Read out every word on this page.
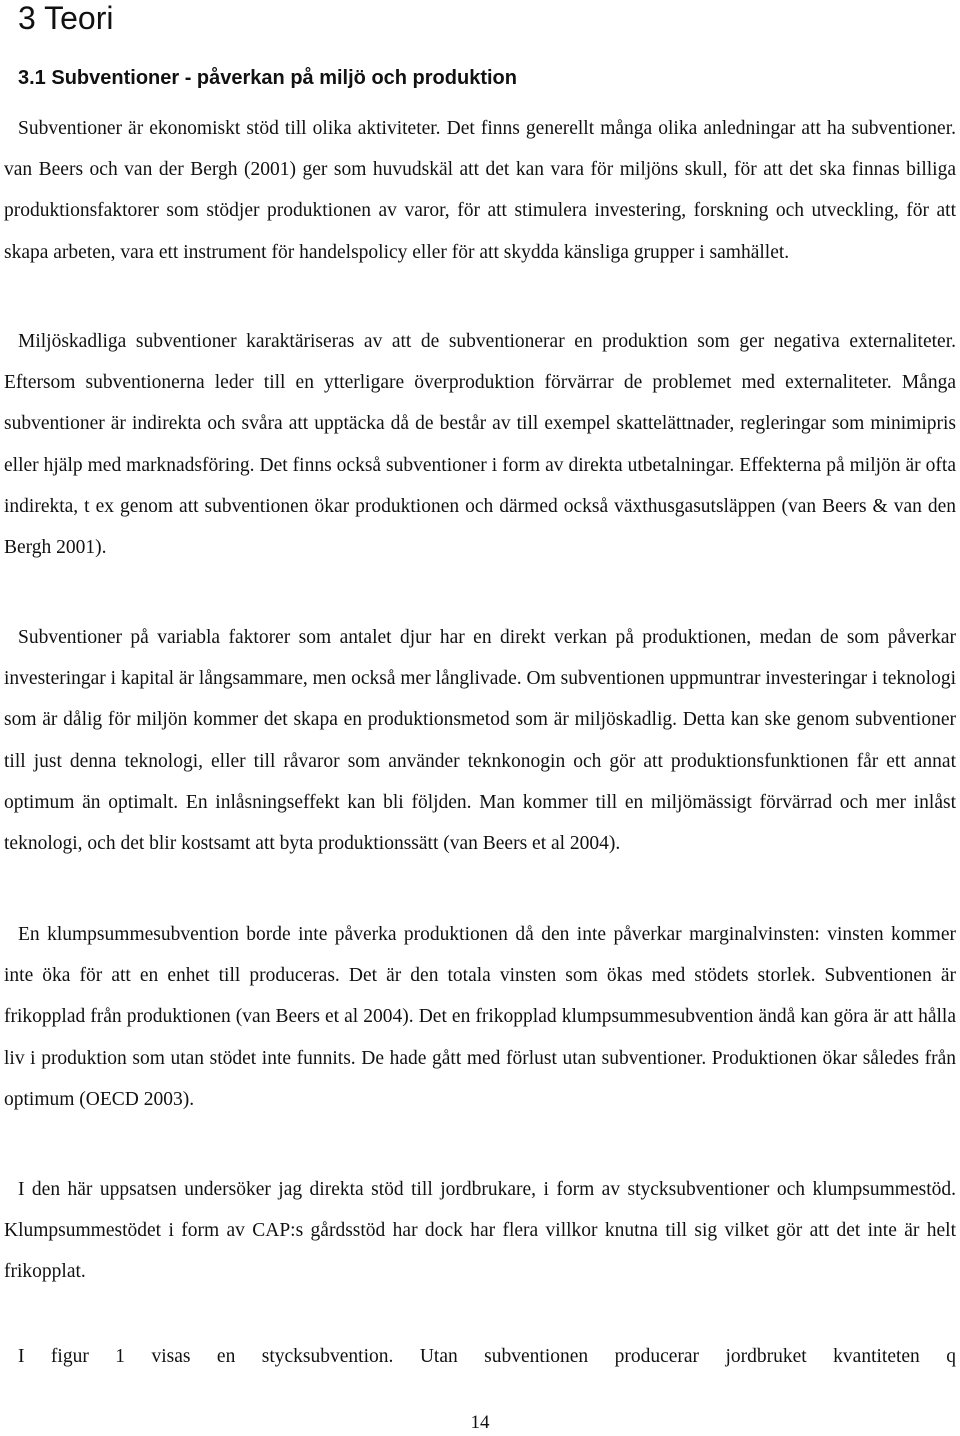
3 Teori
3.1 Subventioner - påverkan på miljö och produktion

Subventioner är ekonomiskt stöd till olika aktiviteter. Det finns generellt många olika anledningar att ha subventioner. van Beers och van der Bergh (2001) ger som huvudskäl att det kan vara för miljöns skull, för att det ska finnas billiga produktionsfaktorer som stödjer produktionen av varor, för att stimulera investering, forskning och utveckling, för att skapa arbeten, vara ett instrument för handelspolicy eller för att skydda känsliga grupper i samhället.

Miljöskadliga subventioner karaktäriseras av att de subventionerar en produktion som ger negativa externaliteter. Eftersom subventionerna leder till en ytterligare överproduktion förvärrar de problemet med externaliteter. Många subventioner är indirekta och svåra att upptäcka då de består av till exempel skattelättnader, regleringar som minimipris eller hjälp med marknadsföring. Det finns också subventioner i form av direkta utbetalningar. Effekterna på miljön är ofta indirekta, t ex genom att subventionen ökar produktionen och därmed också växthusgasutsläppen (van Beers & van den Bergh 2001).

Subventioner på variabla faktorer som antalet djur har en direkt verkan på produktionen, medan de som påverkar investeringar i kapital är långsammare, men också mer långlivade. Om subventionen uppmuntrar investeringar i teknologi som är dålig för miljön kommer det skapa en produktionsmetod som är miljöskadlig. Detta kan ske genom subventioner till just denna teknologi, eller till råvaror som använder teknkonogin och gör att produktionsfunktionen får ett annat optimum än optimalt. En inlåsningseffekt kan bli följden. Man kommer till en miljömässigt förvärrad och mer inlåst teknologi, och det blir kostsamt att byta produktionssätt (van Beers et al 2004).

En klumpsummesubvention borde inte påverka produktionen då den inte påverkar marginalvinsten: vinsten kommer inte öka för att en enhet till produceras. Det är den totala vinsten som ökas med stödets storlek. Subventionen är frikopplad från produktionen (van Beers et al 2004). Det en frikopplad klumpsummesubvention ändå kan göra är att hålla liv i produktion som utan stödet inte funnits. De hade gått med förlust utan subventioner. Produktionen ökar således från optimum (OECD 2003).

I den här uppsatsen undersöker jag direkta stöd till jordbrukare, i form av stycksubventioner och klumpsummestöd. Klumpsummestödet i form av CAP:s gårdsstöd har dock har flera villkor knutna till sig vilket gör att det inte är helt frikopplat.

I figur 1 visas en stycksubvention. Utan subventionen producerar jordbruket kvantiteten q

14
